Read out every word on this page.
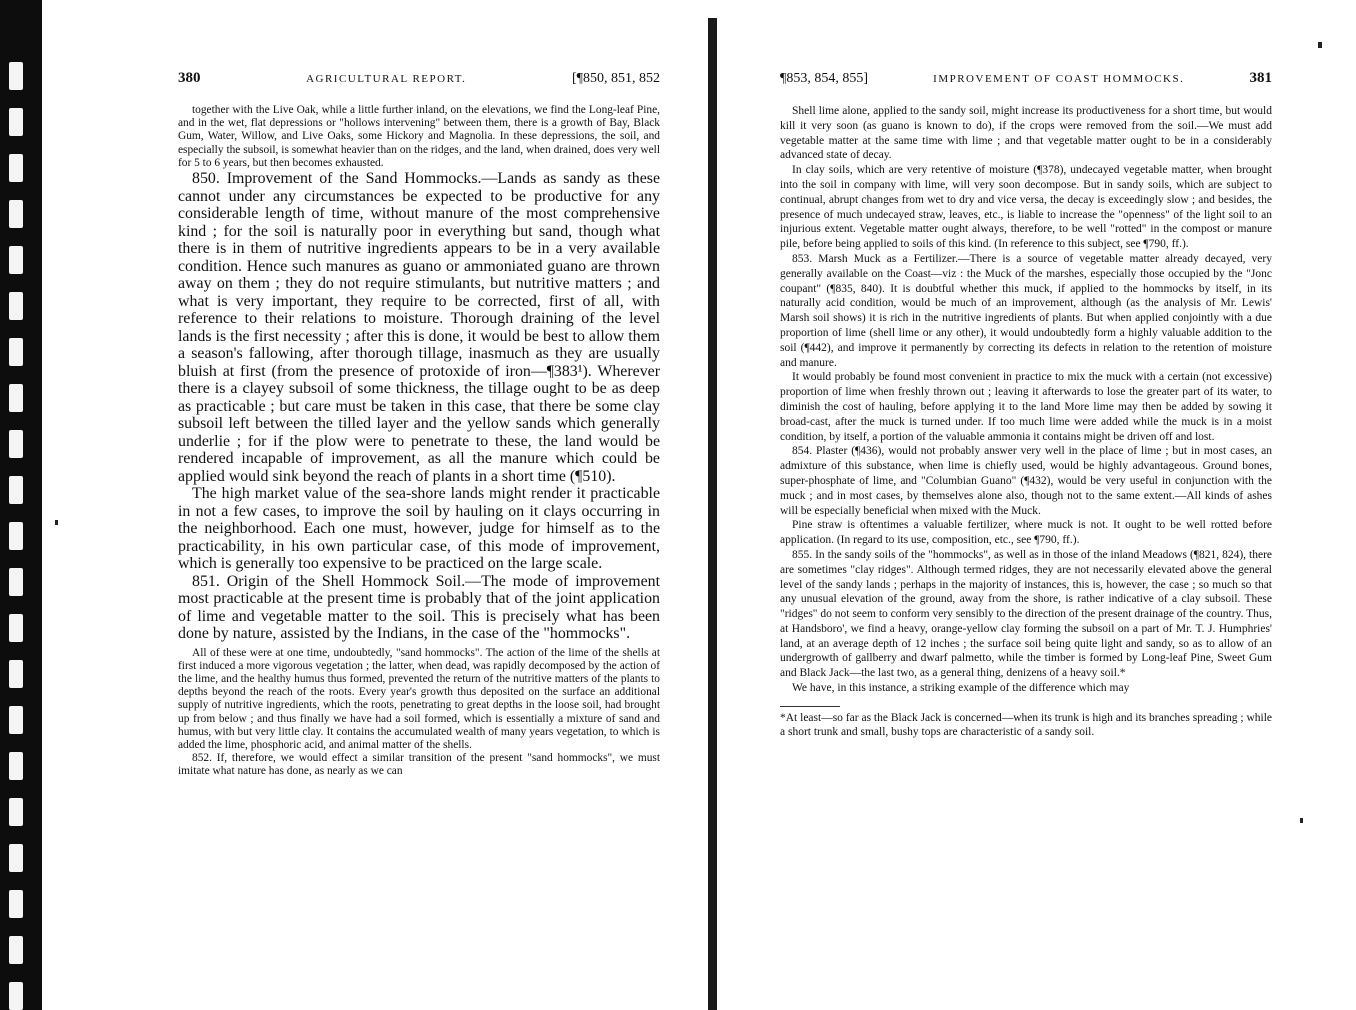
380	AGRICULTURAL REPORT.	[¶850, 851, 852

together with the Live Oak, while a little further inland, on the elevations, we find the Long-leaf Pine, and in the wet, flat depressions or "hollows intervening" between them, there is a growth of Bay, Black Gum, Water, Willow, and Live Oaks, some Hickory and Magnolia. In these depressions, the soil, and especially the subsoil, is somewhat heavier than on the ridges, and the land, when drained, does very well for 5 to 6 years, but then becomes exhausted.

850. Improvement of the Sand Hommocks.—Lands as sandy as these cannot under any circumstances be expected to be productive for any considerable length of time, without manure of the most comprehensive kind ; for the soil is naturally poor in everything but sand, though what there is in them of nutritive ingredients appears to be in a very available condition. Hence such manures as guano or ammoniated guano are thrown away on them ; they do not require stimulants, but nutritive matters ; and what is very important, they require to be corrected, first of all, with reference to their relations to moisture. Thorough draining of the level lands is the first necessity ; after this is done, it would be best to allow them a season's fallowing, after thorough tillage, inasmuch as they are usually bluish at first (from the presence of protoxide of iron—¶383¹). Wherever there is a clayey subsoil of some thickness, the tillage ought to be as deep as practicable ; but care must be taken in this case, that there be some clay subsoil left between the tilled layer and the yellow sands which generally underlie ; for if the plow were to penetrate to these, the land would be rendered incapable of improvement, as all the manure which could be applied would sink beyond the reach of plants in a short time (¶510).

The high market value of the sea-shore lands might render it practicable in not a few cases, to improve the soil by hauling on it clays occurring in the neighborhood. Each one must, however, judge for himself as to the practicability, in his own particular case, of this mode of improvement, which is generally too expensive to be practiced on the large scale.

851. Origin of the Shell Hommock Soil.—The mode of improvement most practicable at the present time is probably that of the joint application of lime and vegetable matter to the soil. This is precisely what has been done by nature, assisted by the Indians, in the case of the "hommocks".

All of these were at one time, undoubtedly, "sand hommocks". The action of the lime of the shells at first induced a more vigorous vegetation ; the latter, when dead, was rapidly decomposed by the action of the lime, and the healthy humus thus formed, prevented the return of the nutritive matters of the plants to depths beyond the reach of the roots. Every year's growth thus deposited on the surface an additional supply of nutritive ingredients, which the roots, penetrating to great depths in the loose soil, had brought up from below ; and thus finally we have had a soil formed, which is essentially a mixture of sand and humus, with but very little clay. It contains the accumulated wealth of many years vegetation, to which is added the lime, phosphoric acid, and animal matter of the shells.

852. If, therefore, we would effect a similar transition of the present "sand hommocks", we must imitate what nature has done, as nearly as we can

¶853, 854, 855]	IMPROVEMENT OF COAST HOMMOCKS.	381

Shell lime alone, applied to the sandy soil, might increase its productiveness for a short time, but would kill it very soon (as guano is known to do), if the crops were removed from the soil.—We must add vegetable matter at the same time with lime ; and that vegetable matter ought to be in a considerably advanced state of decay.

In clay soils, which are very retentive of moisture (¶378), undecayed vegetable matter, when brought into the soil in company with lime, will very soon decompose. But in sandy soils, which are subject to continual, abrupt changes from wet to dry and vice versa, the decay is exceedingly slow ; and besides, the presence of much undecayed straw, leaves, etc., is liable to increase the "openness" of the light soil to an injurious extent. Vegetable matter ought always, therefore, to be well "rotted" in the compost or manure pile, before being applied to soils of this kind. (In reference to this subject, see ¶790, ff.).

853. Marsh Muck as a Fertilizer.—There is a source of vegetable matter already decayed, very generally available on the Coast—viz : the Muck of the marshes, especially those occupied by the "Jonc coupant" (¶835, 840). It is doubtful whether this muck, if applied to the hommocks by itself, in its naturally acid condition, would be much of an improvement, although (as the analysis of Mr. Lewis' Marsh soil shows) it is rich in the nutritive ingredients of plants. But when applied conjointly with a due proportion of lime (shell lime or any other), it would undoubtedly form a highly valuable addition to the soil (¶442), and improve it permanently by correcting its defects in relation to the retention of moisture and manure.

It would probably be found most convenient in practice to mix the muck with a certain (not excessive) proportion of lime when freshly thrown out ; leaving it afterwards to lose the greater part of its water, to diminish the cost of hauling, before applying it to the land More lime may then be added by sowing it broad-cast, after the muck is turned under. If too much lime were added while the muck is in a moist condition, by itself, a portion of the valuable ammonia it contains might be driven off and lost.

854. Plaster (¶436), would not probably answer very well in the place of lime ; but in most cases, an admixture of this substance, when lime is chiefly used, would be highly advantageous. Ground bones, super-phosphate of lime, and "Columbian Guano" (¶432), would be very useful in conjunction with the muck ; and in most cases, by themselves alone also, though not to the same extent.—All kinds of ashes will be especially beneficial when mixed with the Muck.

Pine straw is oftentimes a valuable fertilizer, where muck is not. It ought to be well rotted before application. (In regard to its use, composition, etc., see ¶790, ff.).

855. In the sandy soils of the "hommocks", as well as in those of the inland Meadows (¶821, 824), there are sometimes "clay ridges". Although termed ridges, they are not necessarily elevated above the general level of the sandy lands ; perhaps in the majority of instances, this is, however, the case ; so much so that any unusual elevation of the ground, away from the shore, is rather indicative of a clay subsoil. These "ridges" do not seem to conform very sensibly to the direction of the present drainage of the country. Thus, at Handsboro', we find a heavy, orange-yellow clay forming the subsoil on a part of Mr. T. J. Humphries' land, at an average depth of 12 inches ; the surface soil being quite light and sandy, so as to allow of an undergrowth of gallberry and dwarf palmetto, while the timber is formed by Long-leaf Pine, Sweet Gum and Black Jack—the last two, as a general thing, denizens of a heavy soil.*

We have, in this instance, a striking example of the difference which may

*At least—so far as the Black Jack is concerned—when its trunk is high and its branches spreading ; while a short trunk and small, bushy tops are characteristic of a sandy soil.
